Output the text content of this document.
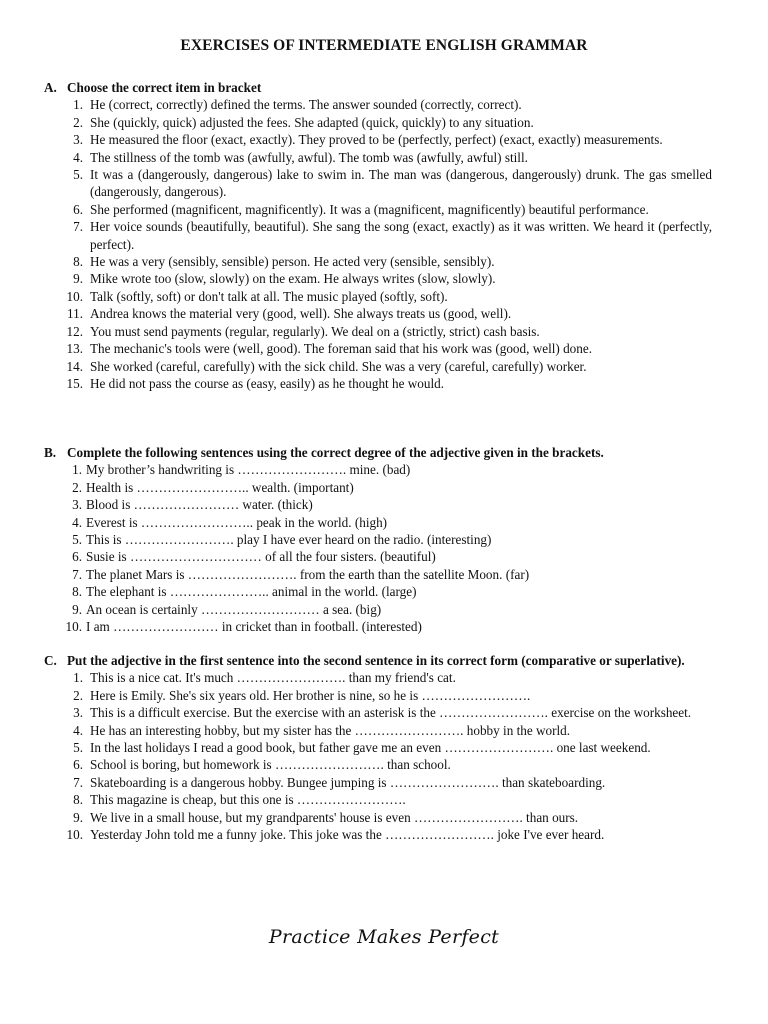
EXERCISES OF INTERMEDIATE ENGLISH GRAMMAR
A. Choose the correct item in bracket
1. He (correct, correctly) defined the terms. The answer sounded (correctly, correct).
2. She (quickly, quick) adjusted the fees. She adapted (quick, quickly) to any situation.
3. He measured the floor (exact, exactly). They proved to be (perfectly, perfect) (exact, exactly) measurements.
4. The stillness of the tomb was (awfully, awful). The tomb was (awfully, awful) still.
5. It was a (dangerously, dangerous) lake to swim in. The man was (dangerous, dangerously) drunk. The gas smelled (dangerously, dangerous).
6. She performed (magnificent, magnificently). It was a (magnificent, magnificently) beautiful performance.
7. Her voice sounds (beautifully, beautiful). She sang the song (exact, exactly) as it was written. We heard it (perfectly, perfect).
8. He was a very (sensibly, sensible) person. He acted very (sensible, sensibly).
9. Mike wrote too (slow, slowly) on the exam. He always writes (slow, slowly).
10. Talk (softly, soft) or don't talk at all. The music played (softly, soft).
11. Andrea knows the material very (good, well). She always treats us (good, well).
12. You must send payments (regular, regularly). We deal on a (strictly, strict) cash basis.
13. The mechanic's tools were (well, good). The foreman said that his work was (good, well) done.
14. She worked (careful, carefully) with the sick child. She was a very (careful, carefully) worker.
15. He did not pass the course as (easy, easily) as he thought he would.
B. Complete the following sentences using the correct degree of the adjective given in the brackets.
1. My brother’s handwriting is ……………………. mine. (bad)
2. Health is …………………….. wealth. (important)
3. Blood is …………………… water. (thick)
4. Everest is …………………….. peak in the world. (high)
5. This is ……………………. play I have ever heard on the radio. (interesting)
6. Susie is ………………………… of all the four sisters. (beautiful)
7. The planet Mars is ……………………. from the earth than the satellite Moon. (far)
8. The elephant is ………………….. animal in the world. (large)
9. An ocean is certainly ……………………… a sea. (big)
10. I am …………………… in cricket than in football. (interested)
C. Put the adjective in the first sentence into the second sentence in its correct form (comparative or superlative).
1. This is a nice cat. It's much ……………………. than my friend's cat.
2. Here is Emily. She's six years old. Her brother is nine, so he is …………………….
3. This is a difficult exercise. But the exercise with an asterisk is the ……………………. exercise on the worksheet.
4. He has an interesting hobby, but my sister has the ……………………. hobby in the world.
5. In the last holidays I read a good book, but father gave me an even ……………………. one last weekend.
6. School is boring, but homework is ……………………. than school.
7. Skateboarding is a dangerous hobby. Bungee jumping is ……………………. than skateboarding.
8. This magazine is cheap, but this one is …………………….
9. We live in a small house, but my grandparents' house is even ……………………. than ours.
10. Yesterday John told me a funny joke. This joke was the ……………………. joke I've ever heard.
Practice Makes Perfect
